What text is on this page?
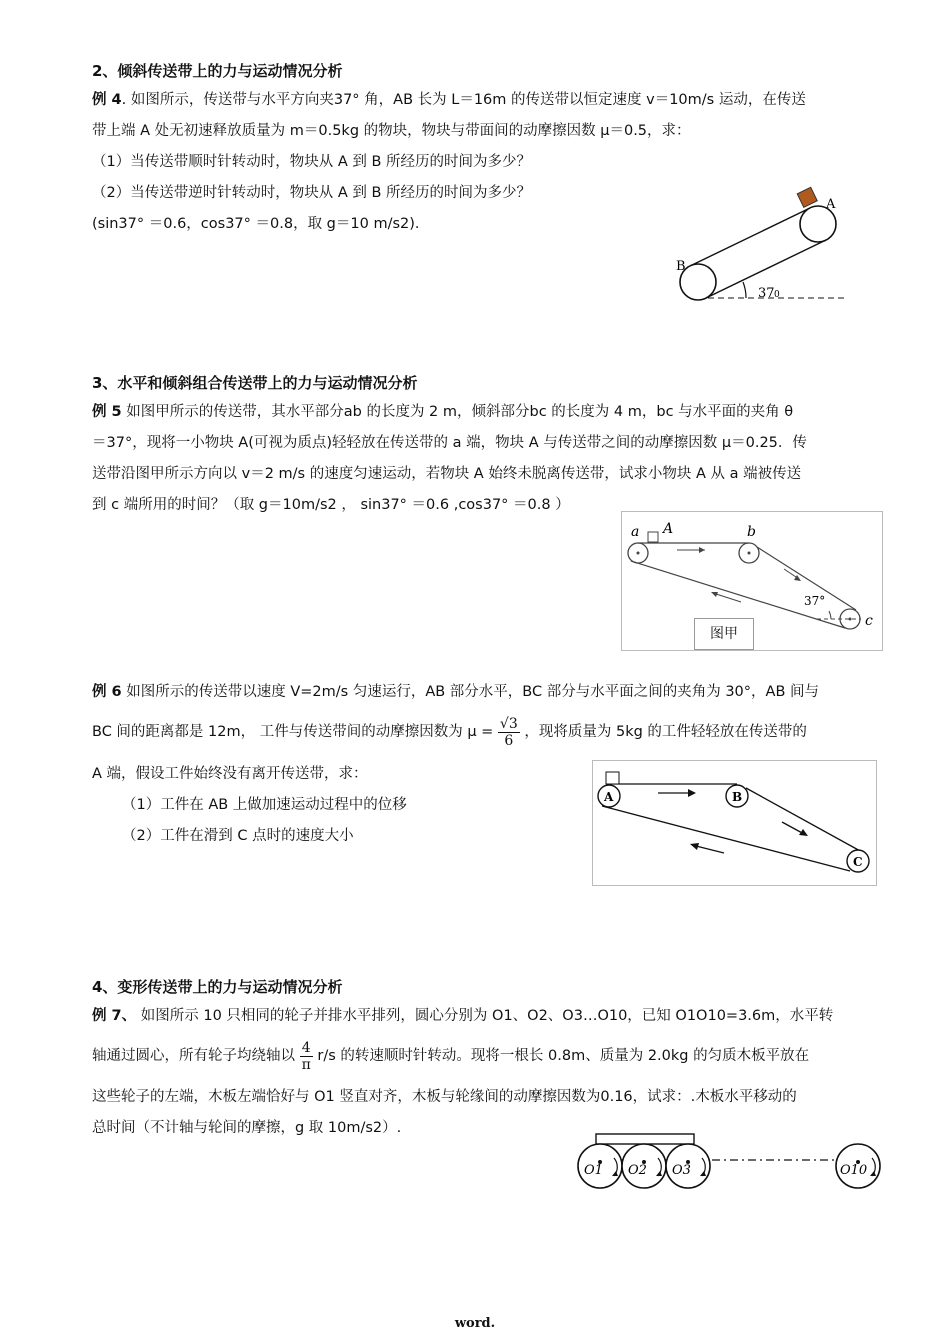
2、倾斜传送带上的力与运动情况分析
例 4. 如图所示，传送带与水平方向夹37° 角，AB 长为 L＝16m 的传送带以恒定速度 v＝10m/s 运动，在传送
带上端 A 处无初速释放质量为 m＝0.5kg 的物块，物块与带面间的动摩擦因数 μ＝0.5，求：
（1）当传送带顺时针转动时，物块从 A 到 B 所经历的时间为多少？
（2）当传送带逆时针转动时，物块从 A 到 B 所经历的时间为多少？
(sin37° ＝0.6，cos37° ＝0.8，取 g＝10 m/s2)．
A
B
37 0
3、水平和倾斜组合传送带上的力与运动情况分析
例 5 如图甲所示的传送带，其水平部分ab 的长度为 2 m，倾斜部分bc 的长度为 4 m，bc 与水平面的夹角 θ
＝37°，现将一小物块 A(可视为质点)轻轻放在传送带的 a 端，物块 A 与传送带之间的动摩擦因数 μ＝0.25．传
送带沿图甲所示方向以 v＝2 m/s 的速度匀速运动，若物块 A 始终未脱离传送带，试求小物块 A 从 a 端被传送
到 c 端所用的时间？（取 g＝10m/s2 ， sin37° ＝0.6 ,cos37° ＝0.8 ）
a A	b
c
37°
图甲
例 6 如图所示的传送带以速度 V=2m/s 匀速运行，AB 部分水平，BC 部分与水平面之间的夹角为 30°，AB 间与
BC 间的距离都是 12m， 工件与传送带间的动摩擦因数为 $\mu = \frac{√3}{6}$ ，现将质量为 5kg 的工件轻轻放在传送带的
A 端，假设工件始终没有离开传送带，求：
（1）工件在 AB 上做加速运动过程中的位移
（2）工件在滑到 C 点时的速度大小
A	B
C
4、变形传送带上的力与运动情况分析
例 7、 如图所示 10 只相同的轮子并排水平排列，圆心分别为 O1、O2、O3…O10，已知 O1O10=3.6m，水平转
轴通过圆心，所有轮子均绕轴以 $\frac{4}{\pi} r/s$ 的转速顺时针转动。现将一根长 0.8m、质量为 2.0kg 的匀质木板平放在
这些轮子的左端，木板左端恰好与 O1 竖直对齐，木板与轮缘间的动摩擦因数为0.16，试求：.木板水平移动的
总时间（不计轴与轮间的摩擦，g 取 10m/s2）.
O1 O2 O3	O10
word.
